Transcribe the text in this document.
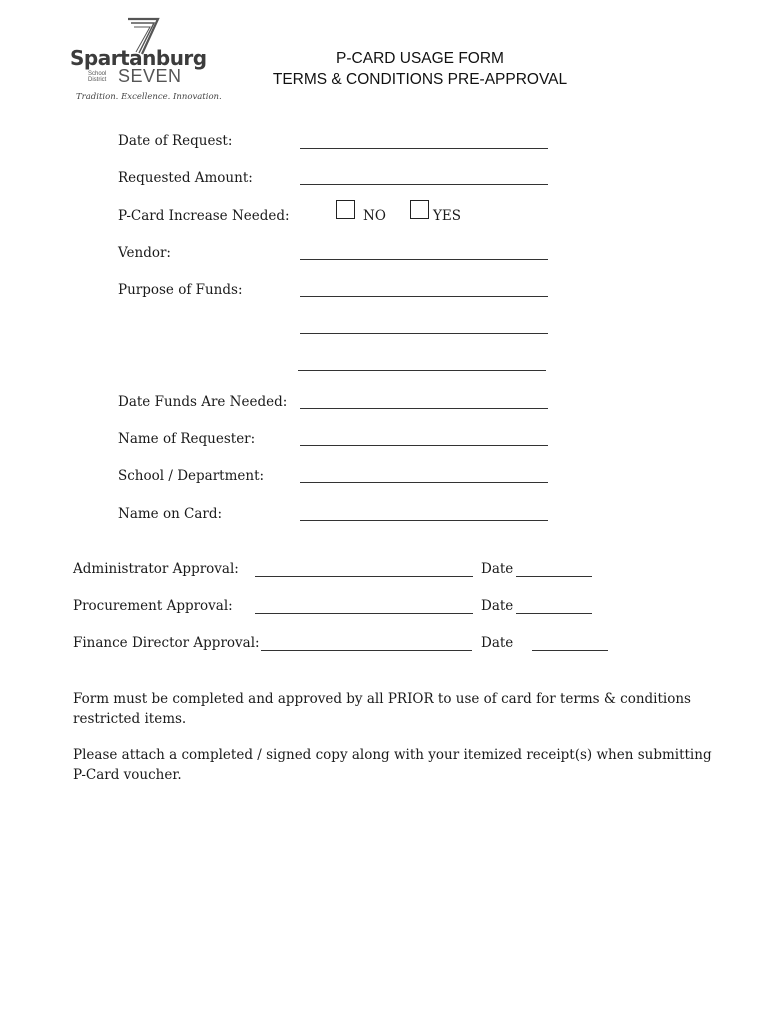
Spartanburg
School District SEVEN
Tradition. Excellence. Innovation.
P-CARD USAGE FORM
TERMS & CONDITIONS PRE-APPROVAL
Date of Request:
Requested Amount:
P-Card Increase Needed:	NO	YES
Vendor:
Purpose of Funds:
Date Funds Are Needed:
Name of Requester:
School / Department:
Name on Card:
Administrator Approval:	Date
Procurement Approval:	Date
Finance Director Approval:	Date
Form must be completed and approved by all PRIOR to use of card for terms & conditions restricted items.
Please attach a completed / signed copy along with your itemized receipt(s) when submitting P-Card voucher.
